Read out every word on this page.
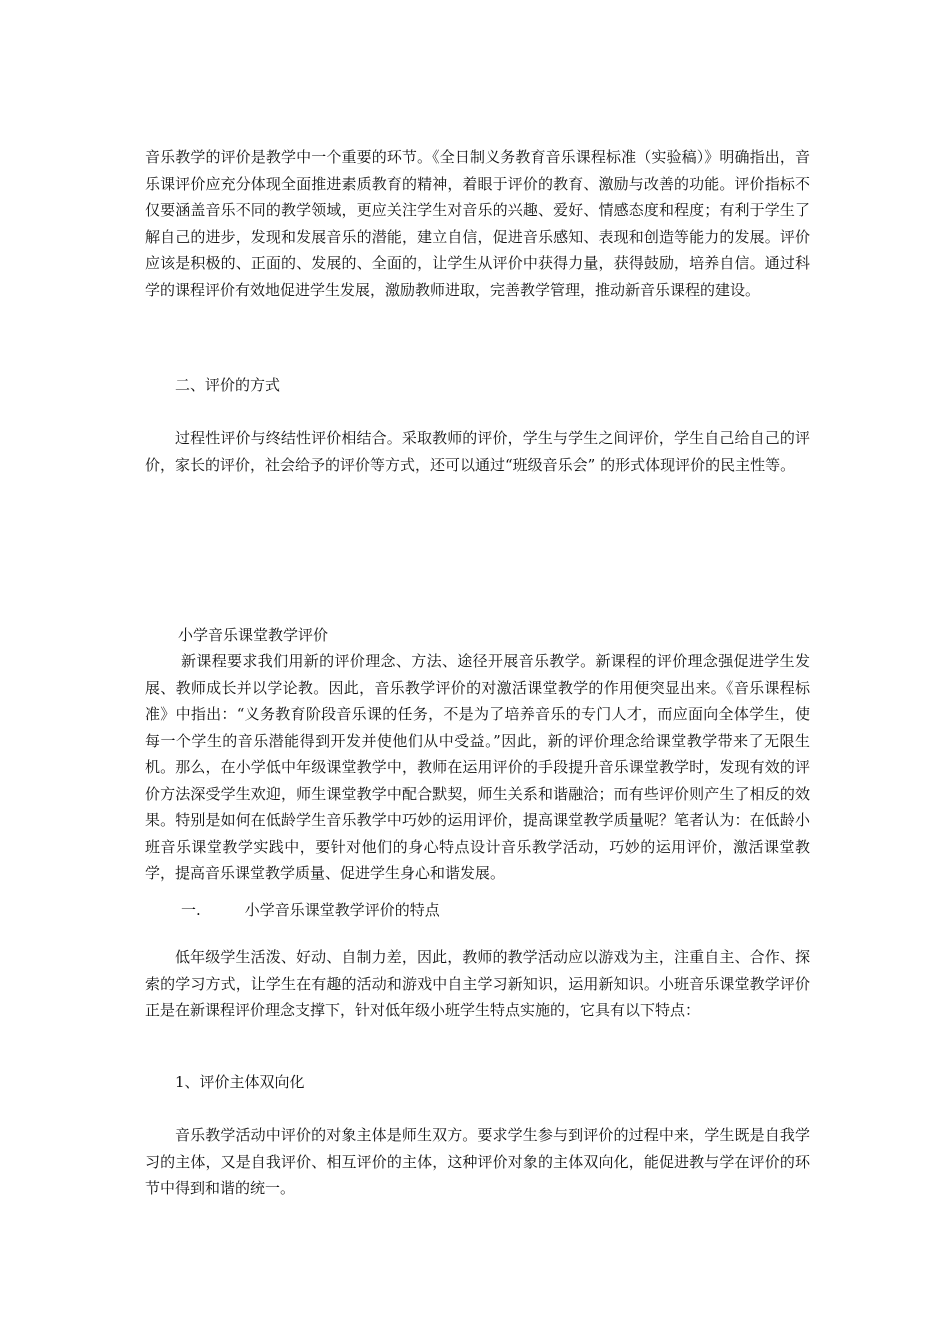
音乐教学的评价是教学中一个重要的环节。《全日制义务教育音乐课程标准（实验稿）》明确指出，音乐课评价应充分体现全面推进素质教育的精神，着眼于评价的教育、激励与改善的功能。评价指标不仅要涵盖音乐不同的教学领域，更应关注学生对音乐的兴趣、爱好、情感态度和程度；有利于学生了解自己的进步，发现和发展音乐的潜能，建立自信，促进音乐感知、表现和创造等能力的发展。评价应该是积极的、正面的、发展的、全面的，让学生从评价中获得力量，获得鼓励，培养自信。通过科学的课程评价有效地促进学生发展，激励教师进取，完善教学管理，推动新音乐课程的建设。

二、评价的方式

过程性评价与终结性评价相结合。采取教师的评价，学生与学生之间评价，学生自己给自己的评价，家长的评价，社会给予的评价等方式，还可以通过“班级音乐会” 的形式体现评价的民主性等。

小学音乐课堂教学评价

新课程要求我们用新的评价理念、方法、途径开展音乐教学。新课程的评价理念强促进学生发展、教师成长并以学论教。因此，音乐教学评价的对激活课堂教学的作用便突显出来。《音乐课程标准》中指出：“义务教育阶段音乐课的任务，不是为了培养音乐的专门人才，而应面向全体学生，使每一个学生的音乐潜能得到开发并使他们从中受益。”因此，新的评价理念给课堂教学带来了无限生机。那么，在小学低中年级课堂教学中，教师在运用评价的手段提升音乐课堂教学时，发现有效的评价方法深受学生欢迎，师生课堂教学中配合默契，师生关系和谐融洽；而有些评价则产生了相反的效果。特别是如何在低龄学生音乐教学中巧妙的运用评价，提高课堂教学质量呢？笔者认为：在低龄小班音乐课堂教学实践中，要针对他们的身心特点设计音乐教学活动，巧妙的运用评价，激活课堂教学，提高音乐课堂教学质量、促进学生身心和谐发展。

一.	小学音乐课堂教学评价的特点

低年级学生活泼、好动、自制力差，因此，教师的教学活动应以游戏为主，注重自主、合作、探索的学习方式，让学生在有趣的活动和游戏中自主学习新知识，运用新知识。小班音乐课堂教学评价正是在新课程评价理念支撑下，针对低年级小班学生特点实施的，它具有以下特点：

1、评价主体双向化

音乐教学活动中评价的对象主体是师生双方。要求学生参与到评价的过程中来，学生既是自我学习的主体，又是自我评价、相互评价的主体，这种评价对象的主体双向化，能促进教与学在评价的环节中得到和谐的统一。
